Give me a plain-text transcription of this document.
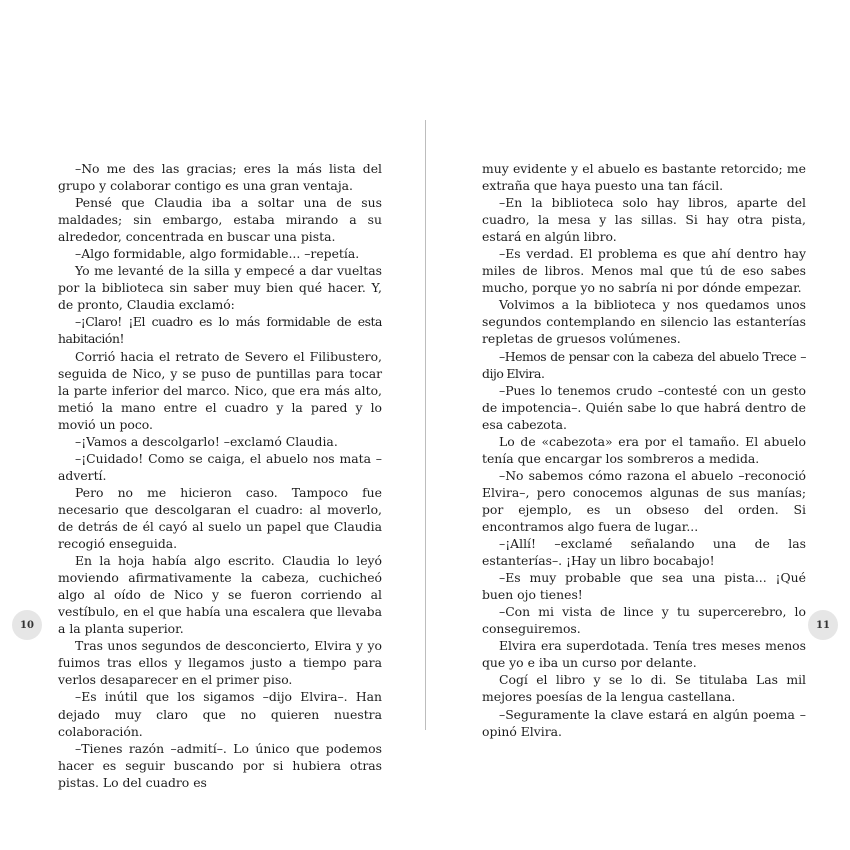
–No me des las gracias; eres la más lista del grupo y colaborar contigo es una gran ventaja.

Pensé que Claudia iba a soltar una de sus maldades; sin embargo, estaba mirando a su alrededor, concentrada en buscar una pista.

–Algo formidable, algo formidable... –repetía.

Yo me levanté de la silla y empecé a dar vueltas por la biblioteca sin saber muy bien qué hacer. Y, de pronto, Claudia exclamó:

–¡Claro! ¡El cuadro es lo más formidable de esta habitación!

Corrió hacia el retrato de Severo el Filibustero, seguida de Nico, y se puso de puntillas para tocar la parte inferior del marco. Nico, que era más alto, metió la mano entre el cuadro y la pared y lo movió un poco.

–¡Vamos a descolgarlo! –exclamó Claudia.

–¡Cuidado! Como se caiga, el abuelo nos mata –advertí.

Pero no me hicieron caso. Tampoco fue necesario que descolgaran el cuadro: al moverlo, de detrás de él cayó al suelo un papel que Claudia recogió enseguida.

En la hoja había algo escrito. Claudia lo leyó moviendo afirmativamente la cabeza, cuchicheó algo al oído de Nico y se fueron corriendo al vestíbulo, en el que había una escalera que llevaba a la planta superior.

Tras unos segundos de desconcierto, Elvira y yo fuimos tras ellos y llegamos justo a tiempo para verlos desaparecer en el primer piso.

–Es inútil que los sigamos –dijo Elvira–. Han dejado muy claro que no quieren nuestra colaboración.

–Tienes razón –admití–. Lo único que podemos hacer es seguir buscando por si hubiera otras pistas. Lo del cuadro es

muy evidente y el abuelo es bastante retorcido; me extraña que haya puesto una tan fácil.

–En la biblioteca solo hay libros, aparte del cuadro, la mesa y las sillas. Si hay otra pista, estará en algún libro.

–Es verdad. El problema es que ahí dentro hay miles de libros. Menos mal que tú de eso sabes mucho, porque yo no sabría ni por dónde empezar.

Volvimos a la biblioteca y nos quedamos unos segundos contemplando en silencio las estanterías repletas de gruesos volúmenes.

–Hemos de pensar con la cabeza del abuelo Trece –dijo Elvira.

–Pues lo tenemos crudo –contesté con un gesto de impotencia–. Quién sabe lo que habrá dentro de esa cabezota.

Lo de «cabezota» era por el tamaño. El abuelo tenía que encargar los sombreros a medida.

–No sabemos cómo razona el abuelo –reconoció Elvira–, pero conocemos algunas de sus manías; por ejemplo, es un obseso del orden. Si encontramos algo fuera de lugar...

–¡Allí! –exclamé señalando una de las estanterías–. ¡Hay un libro bocabajo!

–Es muy probable que sea una pista... ¡Qué buen ojo tienes!

–Con mi vista de lince y tu supercerebro, lo conseguiremos.

Elvira era superdotada. Tenía tres meses menos que yo e iba un curso por delante.

Cogí el libro y se lo di. Se titulaba Las mil mejores poesías de la lengua castellana.

–Seguramente la clave estará en algún poema –opinó Elvira.

10	11
